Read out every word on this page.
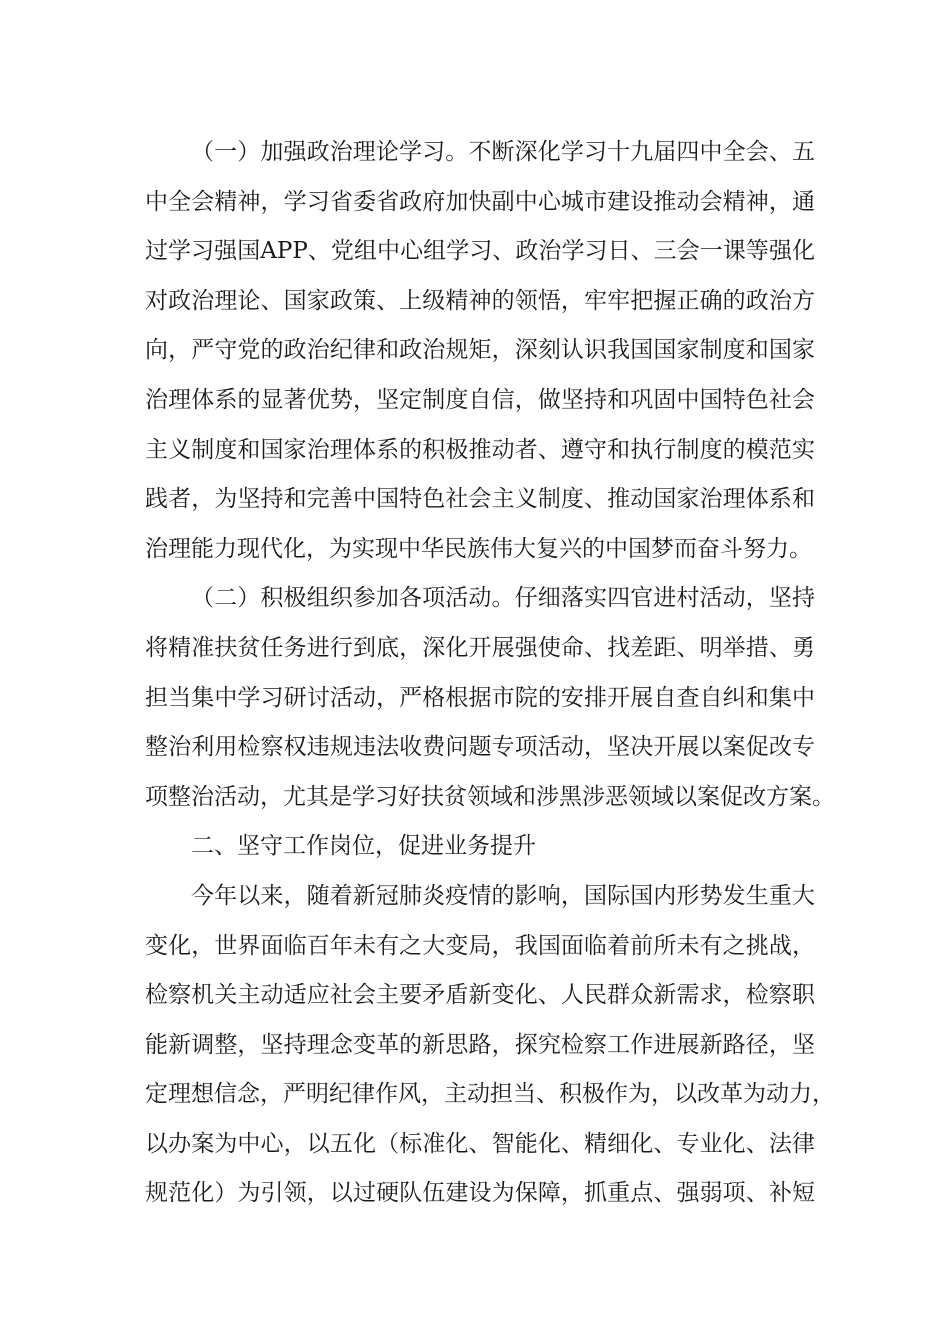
（一）加强政治理论学习。不断深化学习十九届四中全会、五
中全会精神，学习省委省政府加快副中心城市建设推动会精神，通
过学习强国APP、党组中心组学习、政治学习日、三会一课等强化
对政治理论、国家政策、上级精神的领悟，牢牢把握正确的政治方
向，严守党的政治纪律和政治规矩，深刻认识我国国家制度和国家
治理体系的显著优势，坚定制度自信，做坚持和巩固中国特色社会
主义制度和国家治理体系的积极推动者、遵守和执行制度的模范实
践者，为坚持和完善中国特色社会主义制度、推动国家治理体系和
治理能力现代化，为实现中华民族伟大复兴的中国梦而奋斗努力。
（二）积极组织参加各项活动。仔细落实四官进村活动，坚持
将精准扶贫任务进行到底，深化开展强使命、找差距、明举措、勇
担当集中学习研讨活动，严格根据市院的安排开展自查自纠和集中
整治利用检察权违规违法收费问题专项活动，坚决开展以案促改专
项整治活动，尤其是学习好扶贫领域和涉黑涉恶领域以案促改方案。
二、坚守工作岗位，促进业务提升
今年以来，随着新冠肺炎疫情的影响，国际国内形势发生重大
变化，世界面临百年未有之大变局，我国面临着前所未有之挑战，
检察机关主动适应社会主要矛盾新变化、人民群众新需求，检察职
能新调整，坚持理念变革的新思路，探究检察工作进展新路径，坚
定理想信念，严明纪律作风，主动担当、积极作为，以改革为动力，
以办案为中心，以五化（标准化、智能化、精细化、专业化、法律
规范化）为引领，以过硬队伍建设为保障，抓重点、强弱项、补短
